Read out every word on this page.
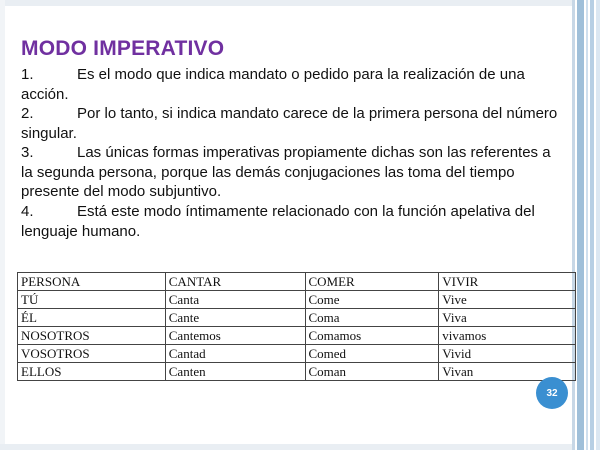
MODO IMPERATIVO
1.	Es el modo que indica mandato o pedido para la realización de una acción.
2.	Por lo tanto, si indica mandato carece de la primera persona del número singular.
3.	Las únicas formas imperativas propiamente dichas son las referentes a la segunda persona, porque las demás conjugaciones las toma del tiempo presente del modo subjuntivo.
4.	Está este modo íntimamente relacionado con la función apelativa del lenguaje humano.
PERSONA	CANTAR	COMER	VIVIR
TÚ	Canta	Come	Vive
ÉL	Cante	Coma	Viva
NOSOTROS	Cantemos	Comamos	vivamos
VOSOTROS	Cantad	Comed	Vivid
ELLOS	Canten	Coman	Vivan
32
